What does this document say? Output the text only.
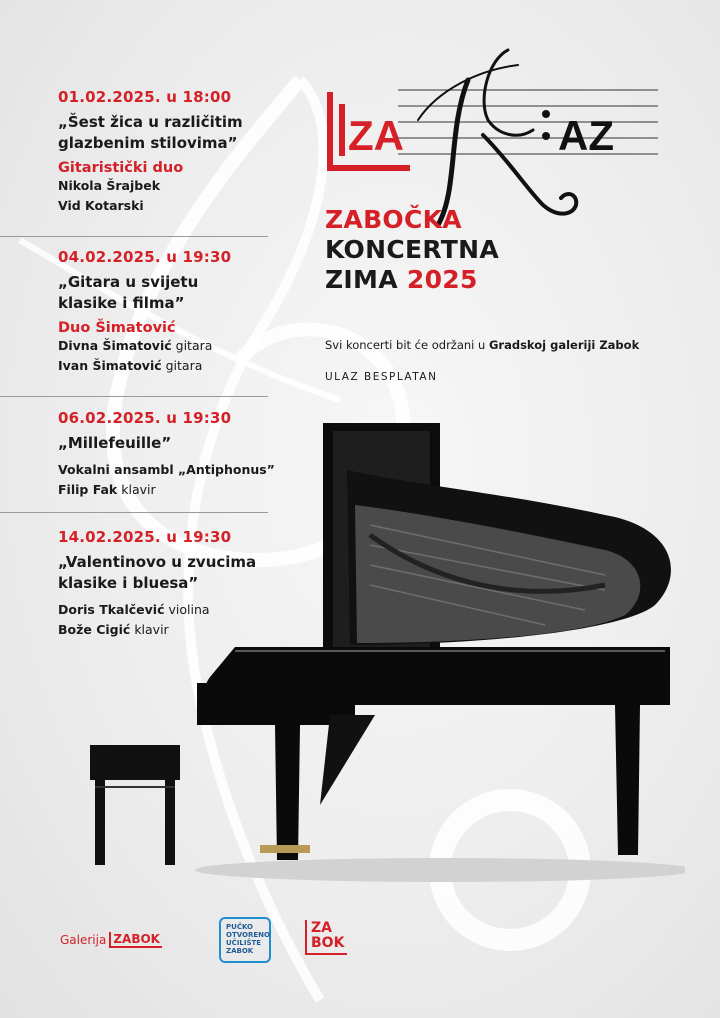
ZA	AZ
ZABOČKA
KONCERTNA
ZIMA 2025
Svi koncerti bit će održani u Gradskoj galeriji Zabok
ULAZ BESPLATAN
01.02.2025. u 18:00
„Šest žica u različitim
glazbenim stilovima”
Gitaristički duo
Nikola Šrajbek
Vid Kotarski
04.02.2025. u 19:30
„Gitara u svijetu
klasike i filma”
Duo Šimatović
Divna Šimatović gitara
Ivan Šimatović gitara
06.02.2025. u 19:30
„Millefeuille”
Vokalni ansambl „Antiphonus”
Filip Fak klavir
14.02.2025. u 19:30
„Valentinovo u zvucima
klasike i bluesa”
Doris Tkalčević violina
Bože Cigić klavir
Galerija ZABOK
PUČKO
OTVORENO
UČILIŠTE
ZABOK
ZA
BOK
